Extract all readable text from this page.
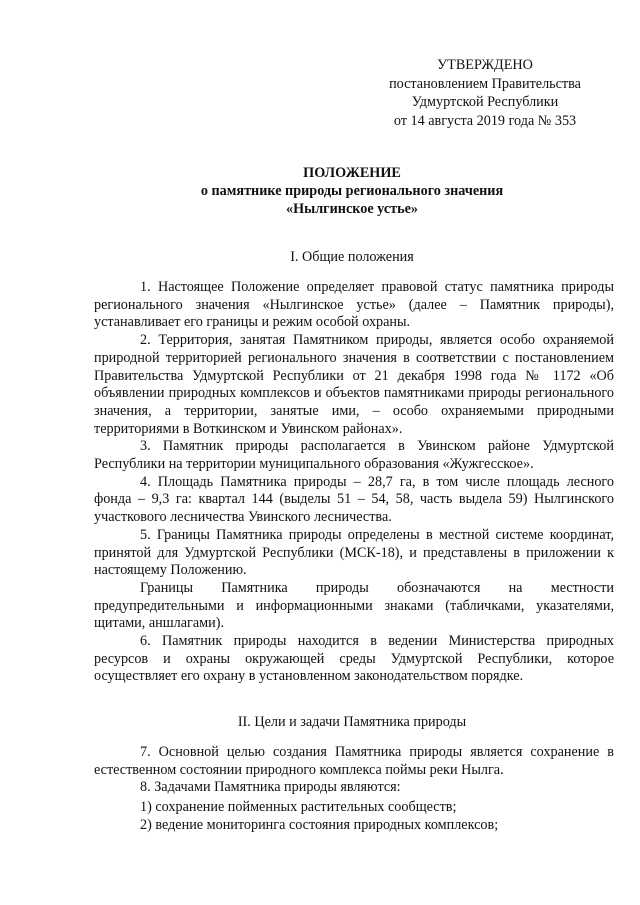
УТВЕРЖДЕНО
постановлением Правительства
Удмуртской Республики
от 14 августа 2019 года № 353
ПОЛОЖЕНИЕ
о памятнике природы регионального значения
«Нылгинское устье»
I. Общие положения

1. Настоящее Положение определяет правовой статус памятника природы регионального значения «Нылгинское устье» (далее – Памятник природы), устанавливает его границы и режим особой охраны.

2. Территория, занятая Памятником природы, является особо охраняемой природной территорией регионального значения в соответствии с постановлением Правительства Удмуртской Республики от 21 декабря 1998 года № 1172 «Об объявлении природных комплексов и объектов памятниками природы регионального значения, а территории, занятые ими, – особо охраняемыми природными территориями в Воткинском и Увинском районах».

3. Памятник природы располагается в Увинском районе Удмуртской Республики на территории муниципального образования «Жужгесское».

4. Площадь Памятника природы – 28,7 га, в том числе площадь лесного фонда – 9,3 га: квартал 144 (выделы 51 – 54, 58, часть выдела 59) Нылгинского участкового лесничества Увинского лесничества.

5. Границы Памятника природы определены в местной системе координат, принятой для Удмуртской Республики (МСК-18), и представлены в приложении к настоящему Положению.

Границы Памятника природы обозначаются на местности предупредительными и информационными знаками (табличками, указателями, щитами, аншлагами).

6. Памятник природы находится в ведении Министерства природных ресурсов и охраны окружающей среды Удмуртской Республики, которое осуществляет его охрану в установленном законодательством порядке.

II. Цели и задачи Памятника природы

7. Основной целью создания Памятника природы является сохранение в естественном состоянии природного комплекса поймы реки Нылга.

8. Задачами Памятника природы являются:

1) сохранение пойменных растительных сообществ;

2) ведение мониторинга состояния природных комплексов;
